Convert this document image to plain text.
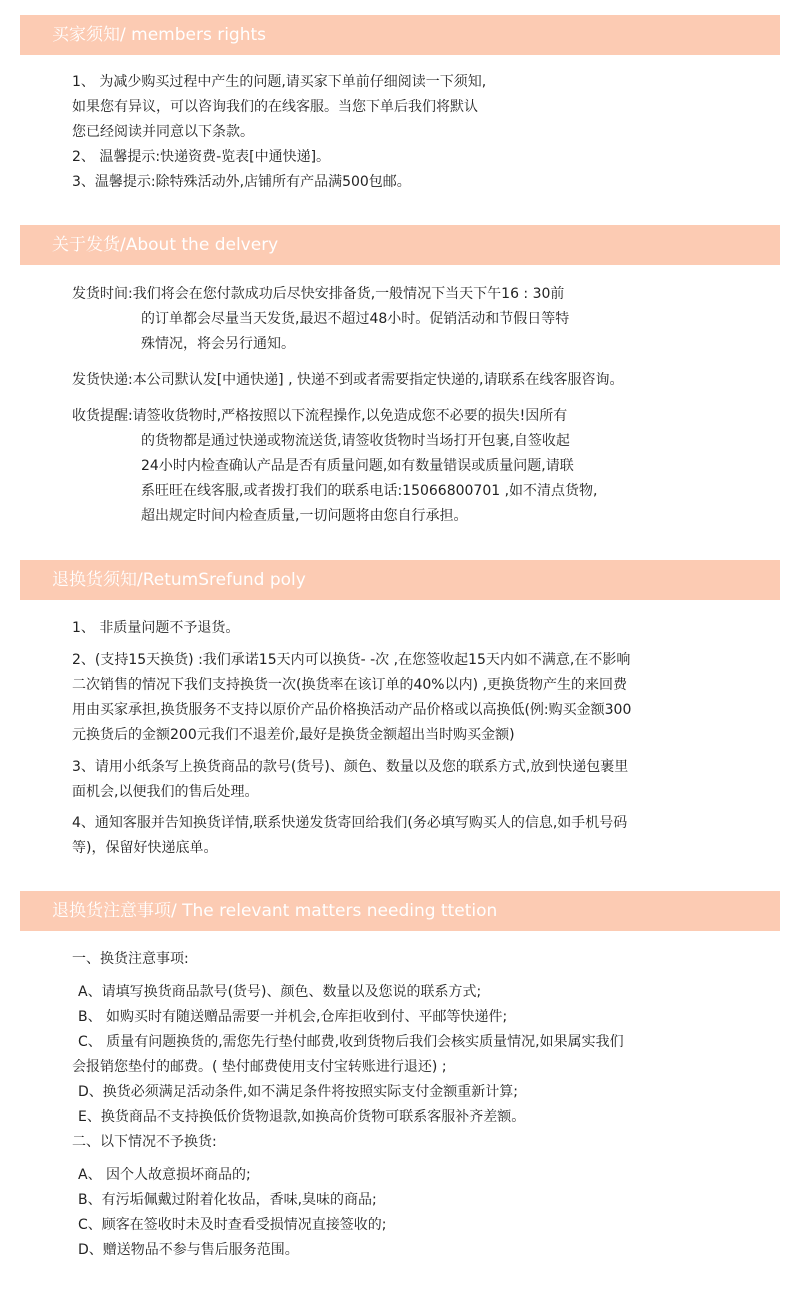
买家须知/ members rights
1、 为减少购买过程中产生的问题,请买家下单前仔细阅读一下须知,
如果您有异议，可以咨询我们的在线客服。当您下单后我们将默认
您已经阅读并同意以下条款。
2、 温馨提示:快递资费-览表[中通快递]。
3、温馨提示:除特殊活动外,店铺所有产品满500包邮。
关于发货/About the delvery
发货时间:我们将会在您付款成功后尽快安排备货,一般情况下当天下午16 : 30前
的订单都会尽量当天发货,最迟不超过48小时。促销活动和节假日等特
殊情况，将会另行通知。
发货快递:本公司默认发[中通快递] , 快递不到或者需要指定快递的,请联系在线客服咨询。
收货提醒:请签收货物时,严格按照以下流程操作,以免造成您不必要的损失!因所有
的货物都是通过快递或物流送货,请签收货物时当场打开包裹,自签收起
24小时内检查确认产品是否有质量问题,如有数量错误或质量问题,请联
系旺旺在线客服,或者拨打我们的联系电话:15066800701 ,如不清点货物,
超出规定时间内检查质量,一切问题将由您自行承担。
退换货须知/RetumSrefund poly
1、 非质量问题不予退货。
2、(支持15天换货) :我们承诺15天内可以换货- -次 ,在您签收起15天内如不满意,在不影响
二次销售的情况下我们支持换货一次(换货率在该订单的40%以内) ,更换货物产生的来回费
用由买家承担,换货服务不支持以原价产品价格换活动产品价格或以高换低(例:购买金额300
元换货后的金额200元我们不退差价,最好是换货金额超出当时购买金额)
3、请用小纸条写上换货商品的款号(货号)、颜色、数量以及您的联系方式,放到快递包裹里
面机会,以便我们的售后处理。
4、通知客服并告知换货详情,联系快递发货寄回给我们(务必填写购买人的信息,如手机号码
等)，保留好快递底单。
退换货注意事项/ The relevant matters needing ttetion
一、换货注意事项:
A、请填写换货商品款号(货号)、颜色、数量以及您说的联系方式;
B、 如购买时有随送赠品需要一并机会,仓库拒收到付、平邮等快递件;
C、 质量有问题换货的,需您先行垫付邮费,收到货物后我们会核实质量情况,如果属实我们
会报销您垫付的邮费。( 垫付邮费使用支付宝转账进行退还) ;
D、换货必须满足活动条件,如不满足条件将按照实际支付金额重新计算;
E、换货商品不支持换低价货物退款,如换高价货物可联系客服补齐差额。
二、以下情况不予换货:
A、 因个人故意损坏商品的;
B、有污垢佩戴过附着化妆品，香味,臭味的商品;
C、顾客在签收时未及时查看受损情况直接签收的;
D、赠送物品不参与售后服务范围。
